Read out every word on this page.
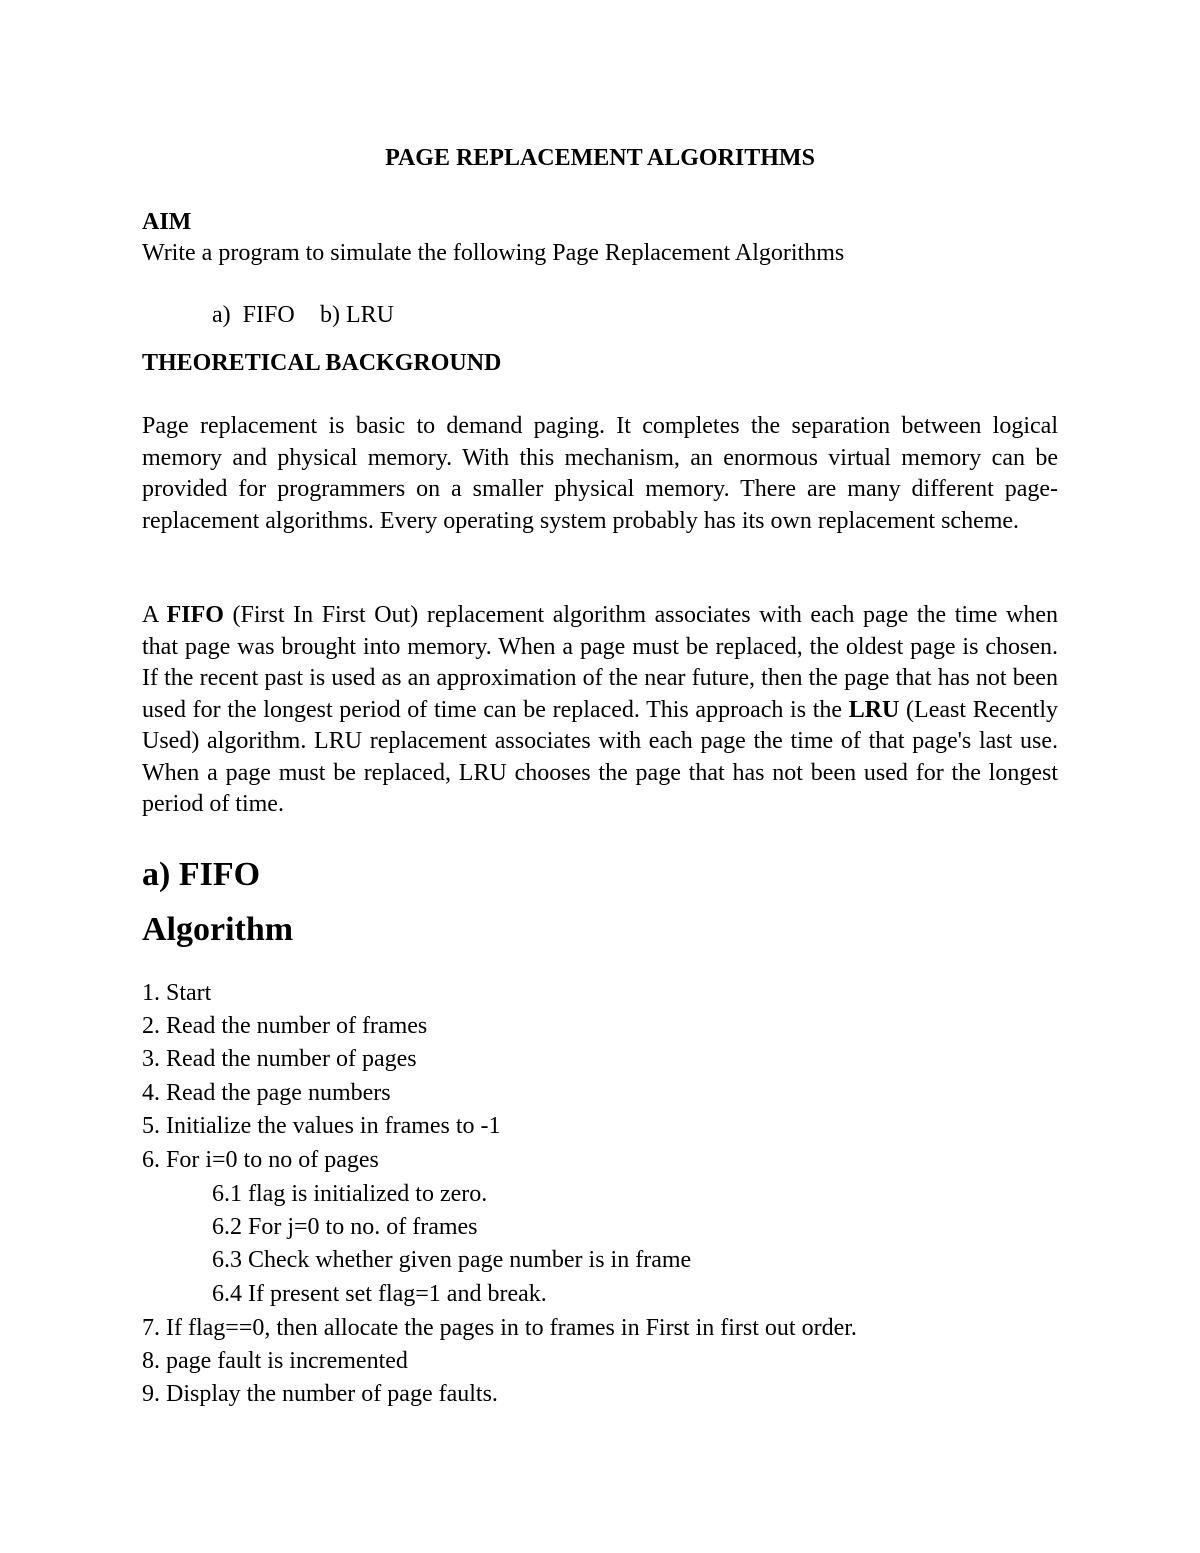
PAGE REPLACEMENT ALGORITHMS
AIM
Write a program to simulate the following Page Replacement Algorithms
a)  FIFO b) LRU
THEORETICAL BACKGROUND
Page replacement is basic to demand paging. It completes the separation between logical memory and physical memory. With this mechanism, an enormous virtual memory can be provided for programmers on a smaller physical memory. There are many different page-replacement algorithms. Every operating system probably has its own replacement scheme.
A FIFO (First In First Out) replacement algorithm associates with each page the time when that page was brought into memory. When a page must be replaced, the oldest page is chosen. If the recent past is used as an approximation of the near future, then the page that has not been used for the longest period of time can be replaced. This approach is the LRU (Least Recently Used) algorithm. LRU replacement associates with each page the time of that page's last use. When a page must be replaced, LRU chooses the page that has not been used for the longest period of time.
a) FIFO
Algorithm
1. Start
2. Read the number of frames
3. Read the number of pages
4. Read the page numbers
5. Initialize the values in frames to -1
6. For i=0 to no of pages
6.1 flag is initialized to zero.
6.2 For j=0 to no. of frames
6.3 Check whether given page number is in frame
6.4 If present set flag=1 and break.
7. If flag==0, then allocate the pages in to frames in First in first out order.
8. page fault is incremented
9. Display the number of page faults.
